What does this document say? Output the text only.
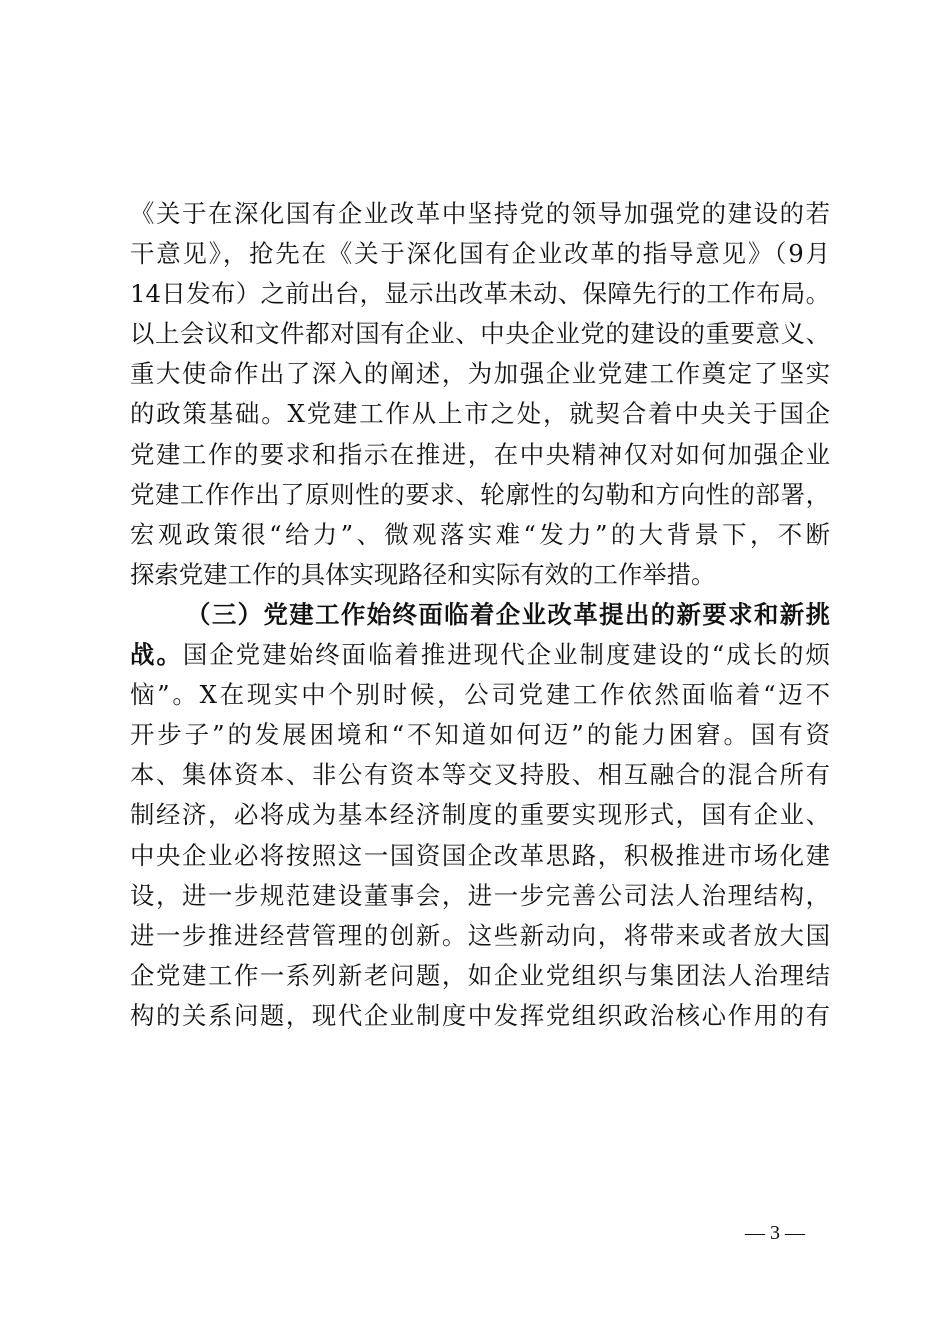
《关于在深化国有企业改革中坚持党的领导加强党的建设的若
干意见》，抢先在《关于深化国有企业改革的指导意见》（9月
14日发布）之前出台，显示出改革未动、保障先行的工作布局。
以上会议和文件都对国有企业、中央企业党的建设的重要意义、
重大使命作出了深入的阐述，为加强企业党建工作奠定了坚实
的政策基础。X党建工作从上市之处，就契合着中央关于国企
党建工作的要求和指示在推进，在中央精神仅对如何加强企业
党建工作作出了原则性的要求、轮廓性的勾勒和方向性的部署，
宏观政策很“给力”、微观落实难“发力”的大背景下，不断
探索党建工作的具体实现路径和实际有效的工作举措。
（三）党建工作始终面临着企业改革提出的新要求和新挑
战。国企党建始终面临着推进现代企业制度建设的“成长的烦
恼”。X在现实中个别时候，公司党建工作依然面临着“迈不
开步子”的发展困境和“不知道如何迈”的能力困窘。国有资
本、集体资本、非公有资本等交叉持股、相互融合的混合所有
制经济，必将成为基本经济制度的重要实现形式，国有企业、
中央企业必将按照这一国资国企改革思路，积极推进市场化建
设，进一步规范建设董事会，进一步完善公司法人治理结构，
进一步推进经营管理的创新。这些新动向，将带来或者放大国
企党建工作一系列新老问题，如企业党组织与集团法人治理结
构的关系问题，现代企业制度中发挥党组织政治核心作用的有
— 3 —
